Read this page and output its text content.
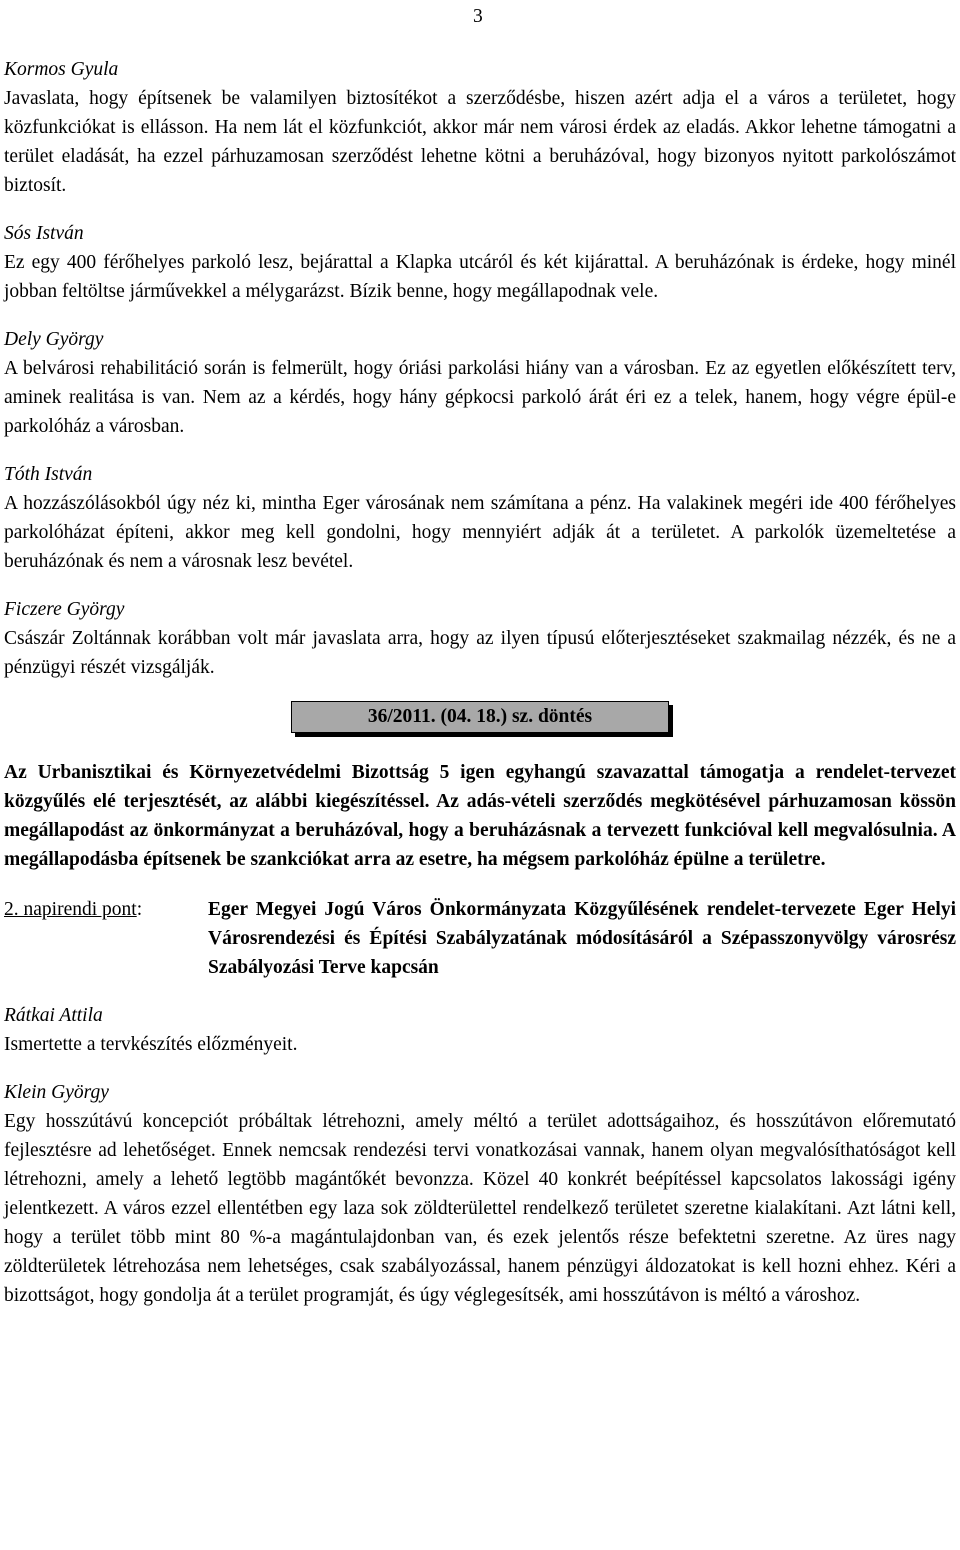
3
Kormos Gyula
Javaslata, hogy építsenek be valamilyen biztosítékot a szerződésbe, hiszen azért adja el a város a területet, hogy közfunkciókat is ellásson. Ha nem lát el közfunkciót, akkor már nem városi érdek az eladás. Akkor lehetne támogatni a terület eladását, ha ezzel párhuzamosan szerződést lehetne kötni a beruházóval, hogy bizonyos nyitott parkolószámot biztosít.
Sós István
Ez egy 400 férőhelyes parkoló lesz, bejárattal a Klapka utcáról és két kijárattal. A beruházónak is érdeke, hogy minél jobban feltöltse járművekkel a mélygarázst. Bízik benne, hogy megállapodnak vele.
Dely György
A belvárosi rehabilitáció során is felmerült, hogy óriási parkolási hiány van a városban. Ez az egyetlen előkészített terv, aminek realitása is van. Nem az a kérdés, hogy hány gépkocsi parkoló árát éri ez a telek, hanem, hogy végre épül-e parkolóház a városban.
Tóth István
A hozzászólásokból úgy néz ki, mintha Eger városának nem számítana a pénz. Ha valakinek megéri ide 400 férőhelyes parkolóházat építeni, akkor meg kell gondolni, hogy mennyiért adják át a területet. A parkolók üzemeltetése a beruházónak és nem a városnak lesz bevétel.
Ficzere György
Császár Zoltánnak korábban volt már javaslata arra, hogy az ilyen típusú előterjesztéseket szakmailag nézzék, és ne a pénzügyi részét vizsgálják.
36/2011. (04. 18.) sz. döntés
Az Urbanisztikai és Környezetvédelmi Bizottság 5 igen egyhangú szavazattal támogatja a rendelet-tervezet közgyűlés elé terjesztését, az alábbi kiegészítéssel. Az adás-vételi szerződés megkötésével párhuzamosan kössön megállapodást az önkormányzat a beruházóval, hogy a beruházásnak a tervezett funkcióval kell megvalósulnia. A megállapodásba építsenek be szankciókat arra az esetre, ha mégsem parkolóház épülne a területre.
2. napirendi pont:	Eger Megyei Jogú Város Önkormányzata Közgyűlésének rendelet-tervezete Eger Helyi Városrendezési és Építési Szabályzatának módosításáról a Szépasszonyvölgy városrész Szabályozási Terve kapcsán
Rátkai Attila
Ismertette a tervkészítés előzményeit.
Klein György
Egy hosszútávú koncepciót próbáltak létrehozni, amely méltó a terület adottságaihoz, és hosszútávon előremutató fejlesztésre ad lehetőséget. Ennek nemcsak rendezési tervi vonatkozásai vannak, hanem olyan megvalósíthatóságot kell létrehozni, amely a lehető legtöbb magántőkét bevonzza. Közel 40 konkrét beépítéssel kapcsolatos lakossági igény jelentkezett. A város ezzel ellentétben egy laza sok zöldterülettel rendelkező területet szeretne kialakítani. Azt látni kell, hogy a terület több mint 80 %-a magántulajdonban van, és ezek jelentős része befektetni szeretne. Az üres nagy zöldterületek létrehozása nem lehetséges, csak szabályozással, hanem pénzügyi áldozatokat is kell hozni ehhez. Kéri a bizottságot, hogy gondolja át a terület programját, és úgy véglegesítsék, ami hosszútávon is méltó a városhoz.
